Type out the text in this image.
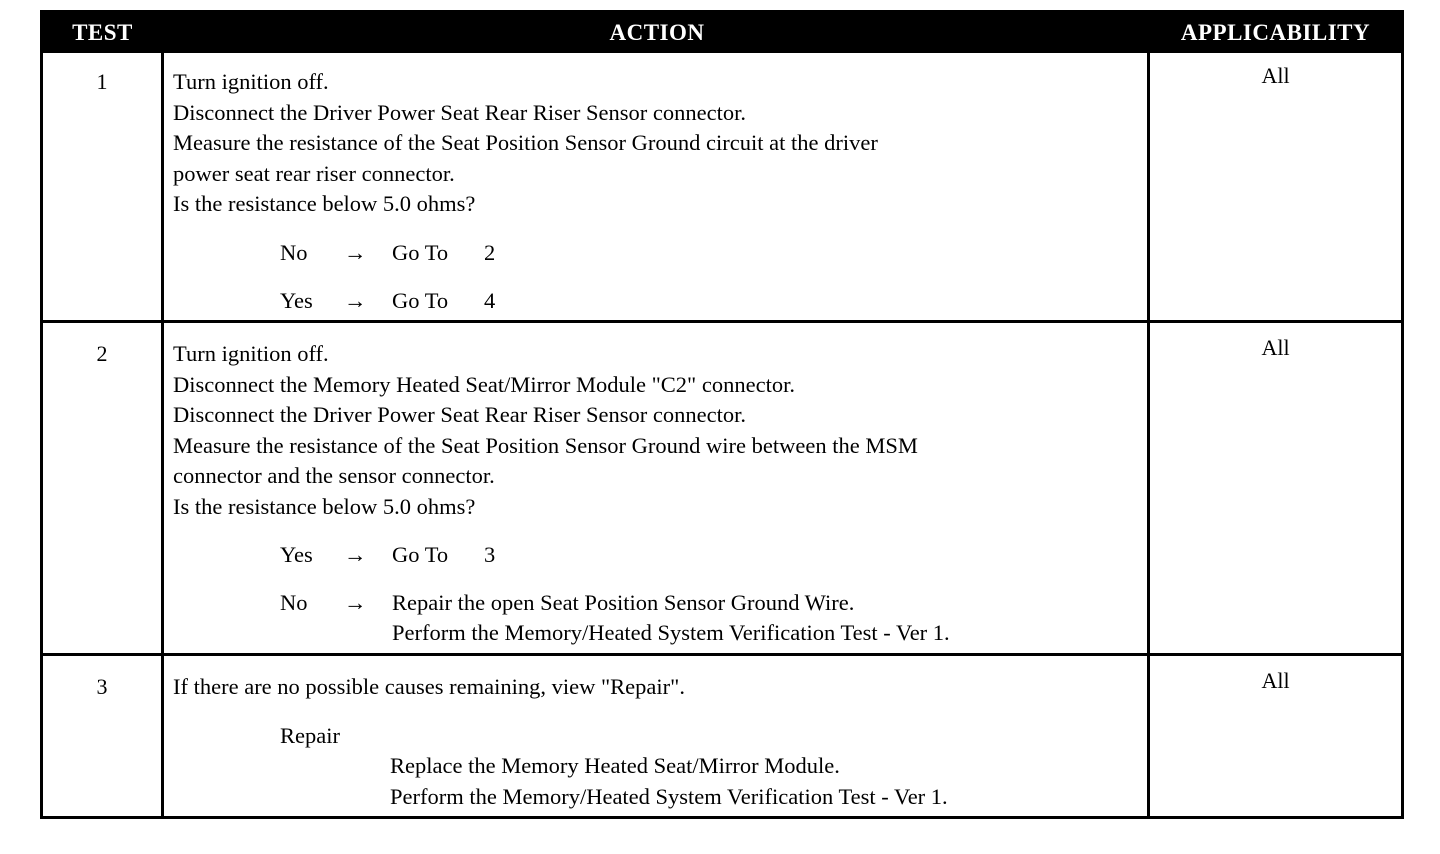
TEST	ACTION	APPLICABILITY
1	Turn ignition off.
Disconnect the Driver Power Seat Rear Riser Sensor connector.
Measure the resistance of the Seat Position Sensor Ground circuit at the driver
power seat rear riser connector.
Is the resistance below 5.0 ohms?
No	→	Go To 2
Yes	→	Go To 4
All
2	Turn ignition off.
Disconnect the Memory Heated Seat/Mirror Module "C2" connector.
Disconnect the Driver Power Seat Rear Riser Sensor connector.
Measure the resistance of the Seat Position Sensor Ground wire between the MSM
connector and the sensor connector.
Is the resistance below 5.0 ohms?
Yes	→	Go To 3
No	→	Repair the open Seat Position Sensor Ground Wire.
Perform the Memory/Heated System Verification Test - Ver 1.
All
3	If there are no possible causes remaining, view "Repair".
Repair
Replace the Memory Heated Seat/Mirror Module.
Perform the Memory/Heated System Verification Test - Ver 1.
All
